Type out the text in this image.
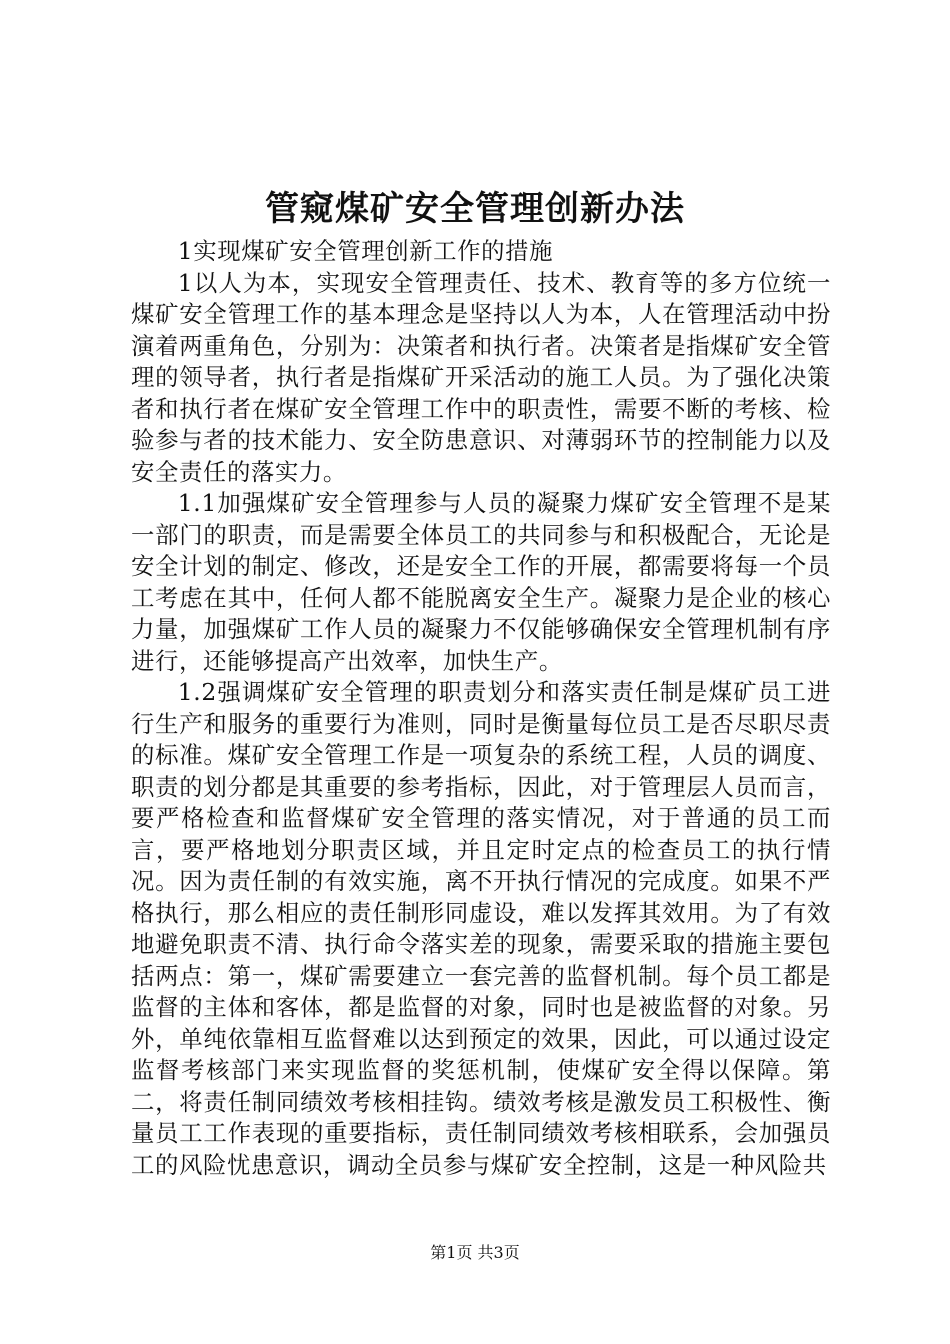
管窥煤矿安全管理创新办法

1实现煤矿安全管理创新工作的措施

1以人为本，实现安全管理责任、技术、教育等的多方位统一煤矿安全管理工作的基本理念是坚持以人为本，人在管理活动中扮演着两重角色，分别为：决策者和执行者。决策者是指煤矿安全管理的领导者，执行者是指煤矿开采活动的施工人员。为了强化决策者和执行者在煤矿安全管理工作中的职责性，需要不断的考核、检验参与者的技术能力、安全防患意识、对薄弱环节的控制能力以及安全责任的落实力。

1.1加强煤矿安全管理参与人员的凝聚力煤矿安全管理不是某一部门的职责，而是需要全体员工的共同参与和积极配合，无论是安全计划的制定、修改，还是安全工作的开展，都需要将每一个员工考虑在其中，任何人都不能脱离安全生产。凝聚力是企业的核心力量，加强煤矿工作人员的凝聚力不仅能够确保安全管理机制有序进行，还能够提高产出效率，加快生产。

1.2强调煤矿安全管理的职责划分和落实责任制是煤矿员工进行生产和服务的重要行为准则，同时是衡量每位员工是否尽职尽责的标准。煤矿安全管理工作是一项复杂的系统工程，人员的调度、职责的划分都是其重要的参考指标，因此，对于管理层人员而言，要严格检查和监督煤矿安全管理的落实情况，对于普通的员工而言，要严格地划分职责区域，并且定时定点的检查员工的执行情况。因为责任制的有效实施，离不开执行情况的完成度。如果不严格执行，那么相应的责任制形同虚设，难以发挥其效用。为了有效地避免职责不清、执行命令落实差的现象，需要采取的措施主要包括两点：第一，煤矿需要建立一套完善的监督机制。每个员工都是监督的主体和客体，都是监督的对象，同时也是被监督的对象。另外，单纯依靠相互监督难以达到预定的效果，因此，可以通过设定监督考核部门来实现监督的奖惩机制，使煤矿安全得以保障。第二，将责任制同绩效考核相挂钩。绩效考核是激发员工积极性、衡量员工工作表现的重要指标，责任制同绩效考核相联系，会加强员工的风险忧患意识，调动全员参与煤矿安全控制，这是一种风险共

第1页 共3页
